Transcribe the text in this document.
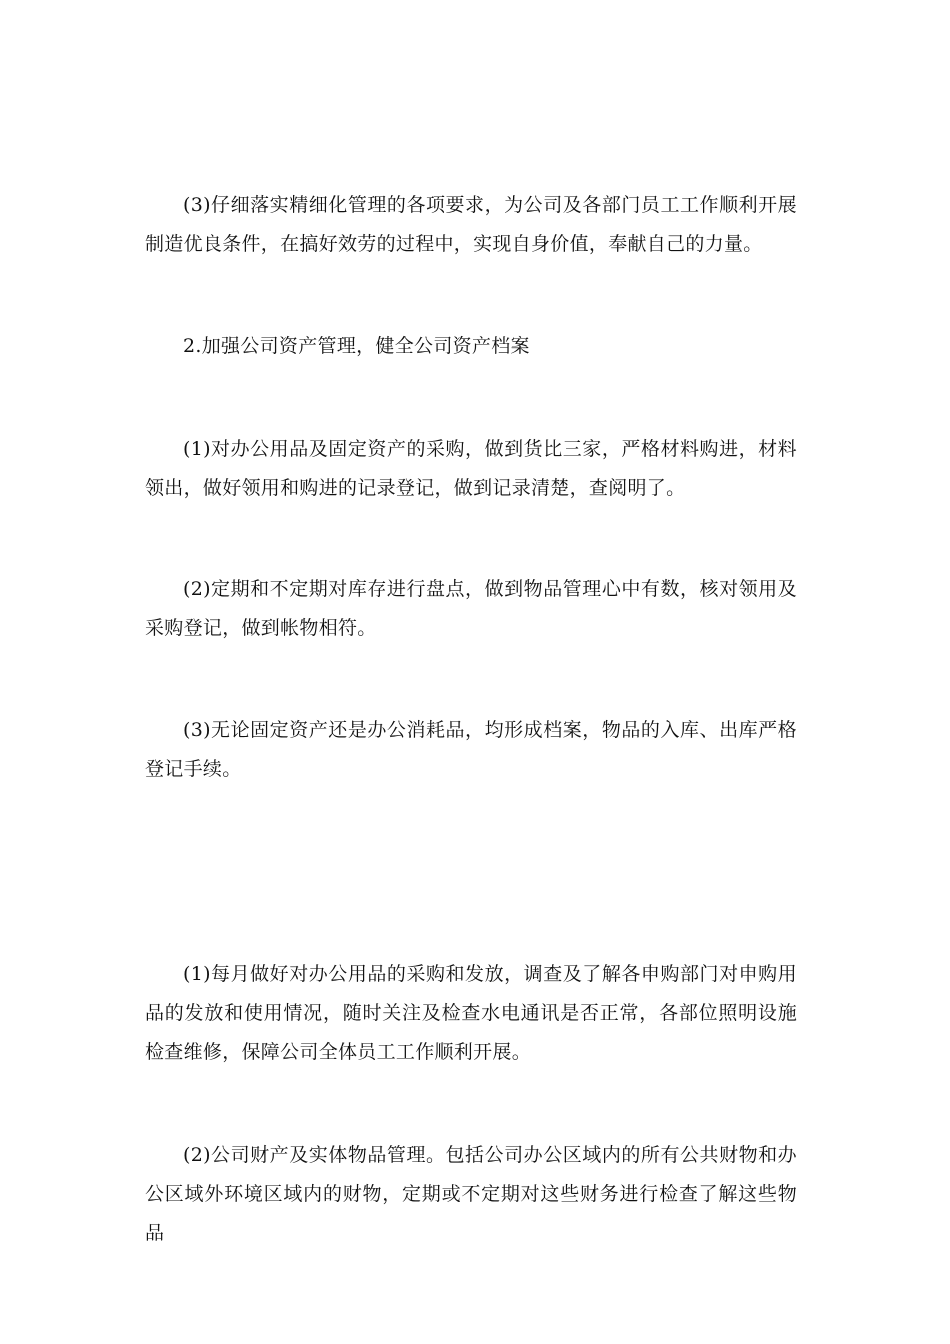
(3)仔细落实精细化管理的各项要求，为公司及各部门员工工作顺利开展制造优良条件，在搞好效劳的过程中，实现自身价值，奉献自己的力量。

2.加强公司资产管理，健全公司资产档案

(1)对办公用品及固定资产的采购，做到货比三家，严格材料购进，材料领出，做好领用和购进的记录登记，做到记录清楚，查阅明了。

(2)定期和不定期对库存进行盘点，做到物品管理心中有数，核对领用及采购登记，做到帐物相符。

(3)无论固定资产还是办公消耗品，均形成档案，物品的入库、出库严格登记手续。

(1)每月做好对办公用品的采购和发放，调查及了解各申购部门对申购用品的发放和使用情况，随时关注及检查水电通讯是否正常，各部位照明设施检查维修，保障公司全体员工工作顺利开展。

(2)公司财产及实体物品管理。包括公司办公区域内的所有公共财物和办公区域外环境区域内的财物，定期或不定期对这些财务进行检查了解这些物品
